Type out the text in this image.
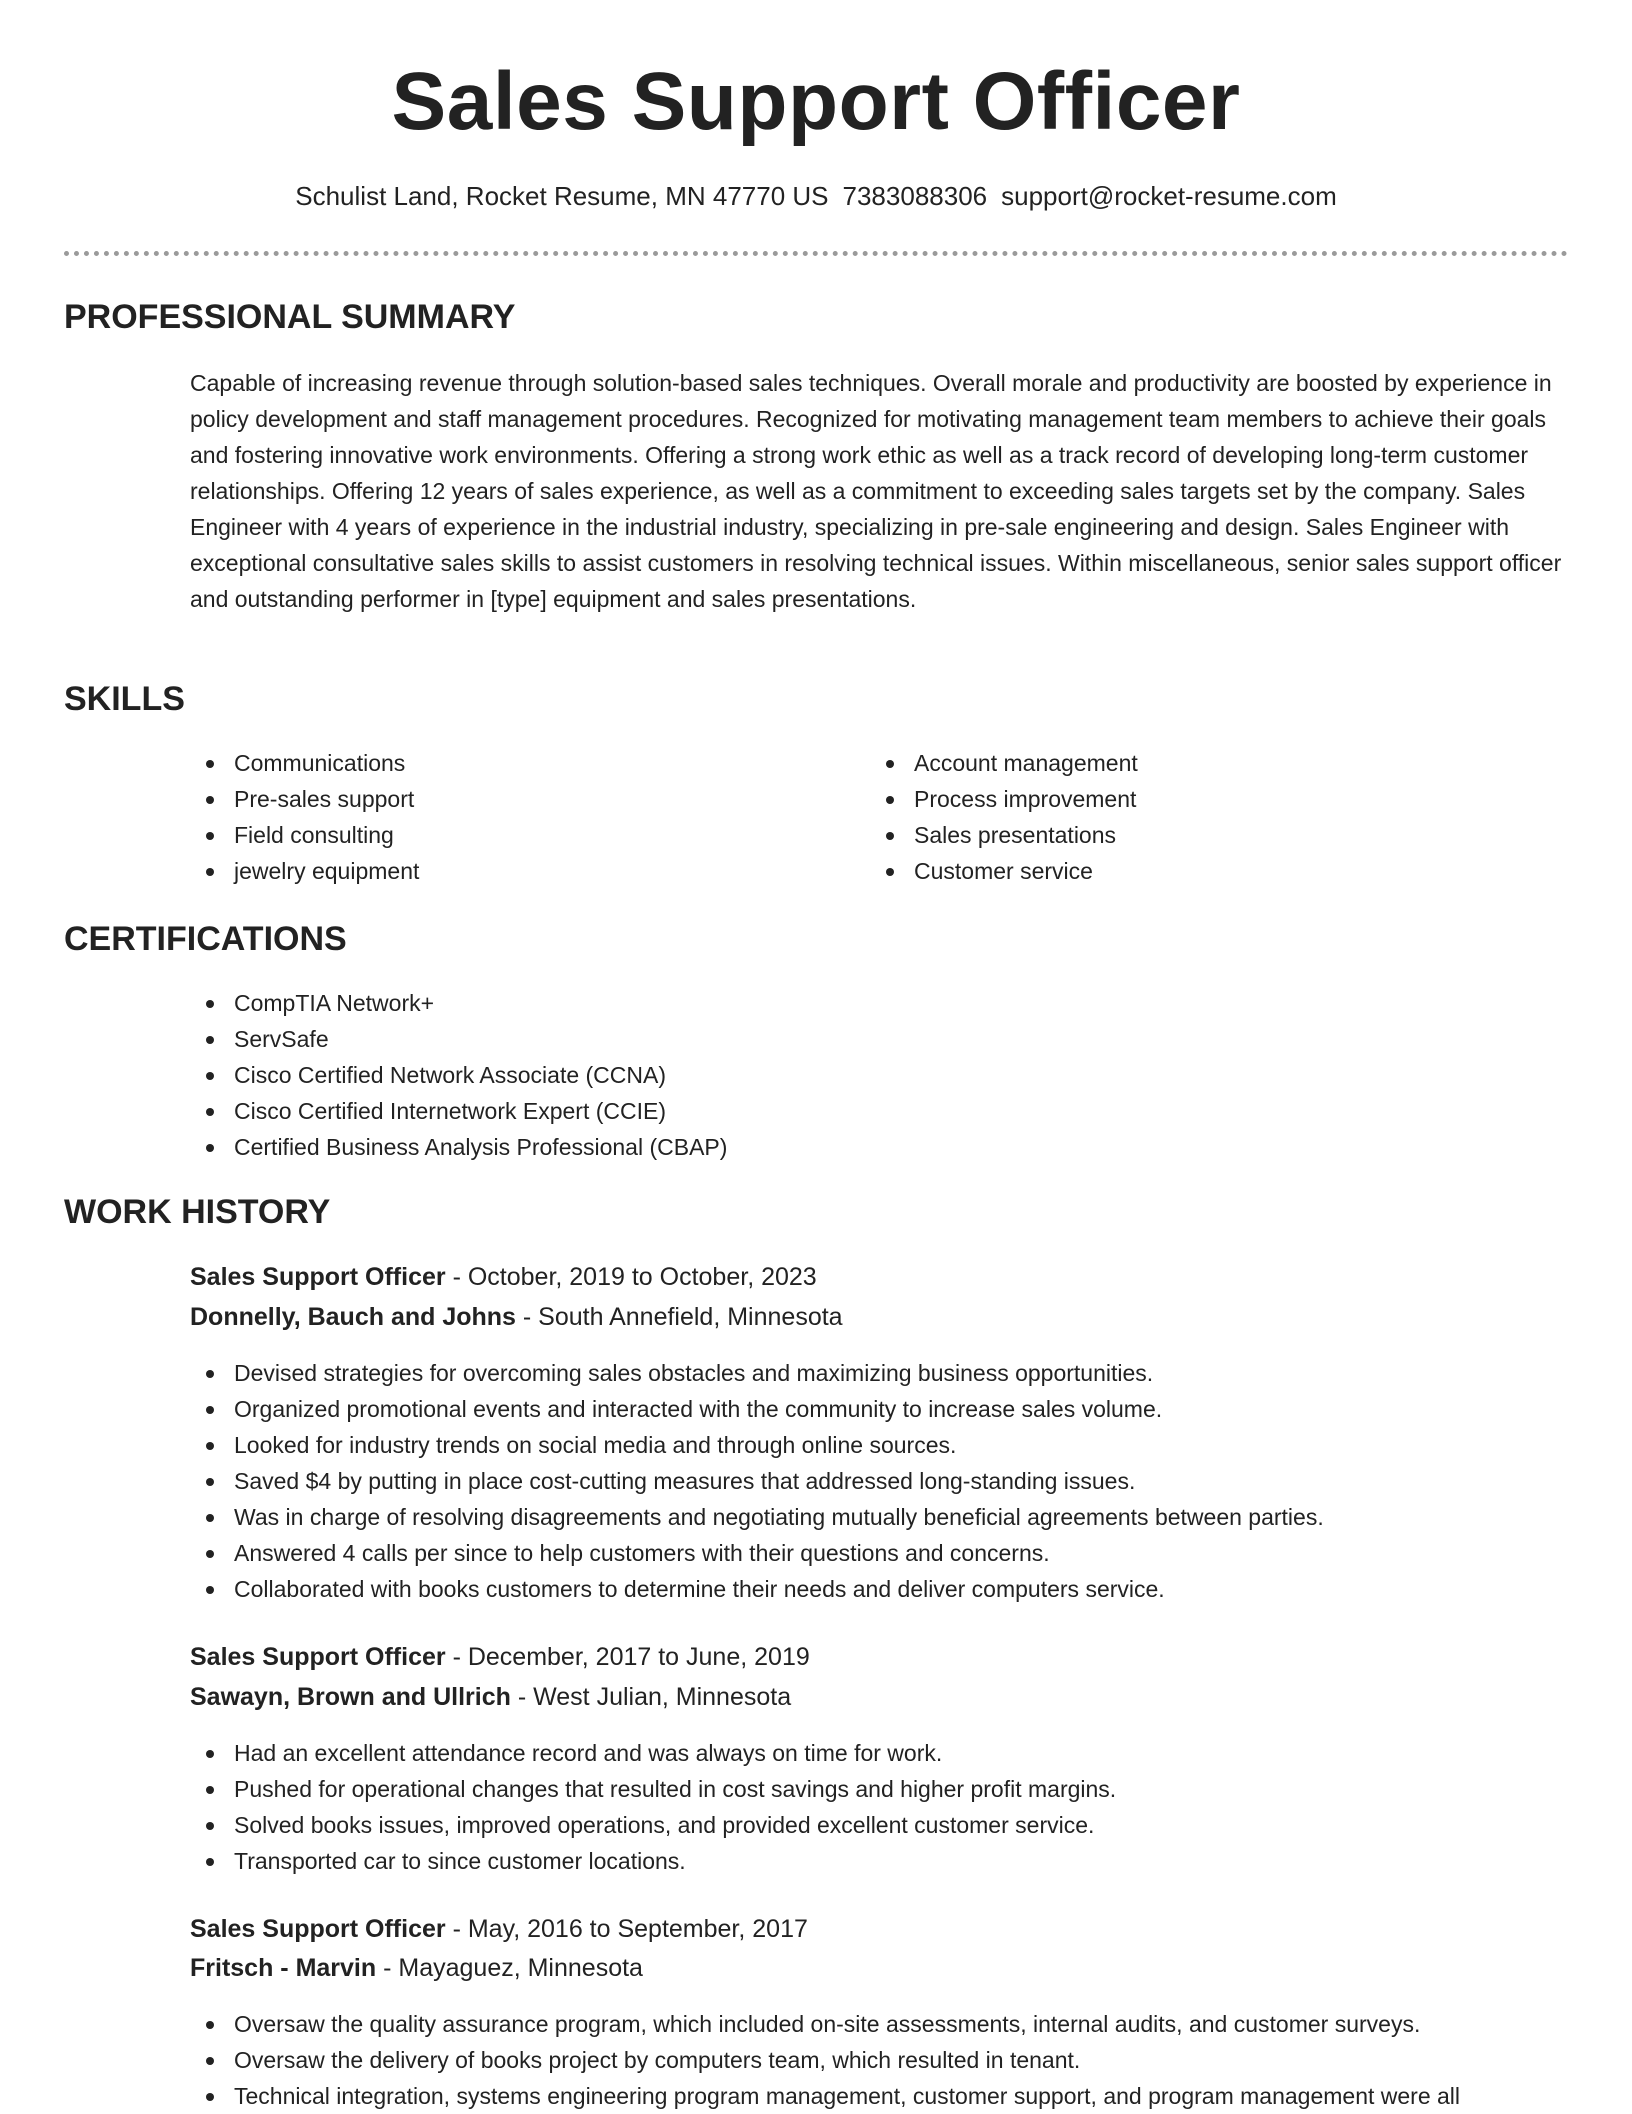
Sales Support Officer
Schulist Land, Rocket Resume, MN 47770 US 7383088306 support@rocket-resume.com
PROFESSIONAL SUMMARY

Capable of increasing revenue through solution-based sales techniques. Overall morale and productivity are boosted by experience in policy development and staff management procedures. Recognized for motivating management team members to achieve their goals and fostering innovative work environments. Offering a strong work ethic as well as a track record of developing long-term customer relationships. Offering 12 years of sales experience, as well as a commitment to exceeding sales targets set by the company. Sales Engineer with 4 years of experience in the industrial industry, specializing in pre-sale engineering and design. Sales Engineer with exceptional consultative sales skills to assist customers in resolving technical issues. Within miscellaneous, senior sales support officer and outstanding performer in [type] equipment and sales presentations.

SKILLS
Communications
Pre-sales support
Field consulting
jewelry equipment
Account management
Process improvement
Sales presentations
Customer service
CERTIFICATIONS
CompTIA Network+
ServSafe
Cisco Certified Network Associate (CCNA)
Cisco Certified Internetwork Expert (CCIE)
Certified Business Analysis Professional (CBAP)
WORK HISTORY
Sales Support Officer - October, 2019 to October, 2023
Donnelly, Bauch and Johns - South Annefield, Minnesota
Devised strategies for overcoming sales obstacles and maximizing business opportunities.
Organized promotional events and interacted with the community to increase sales volume.
Looked for industry trends on social media and through online sources.
Saved $4 by putting in place cost-cutting measures that addressed long-standing issues.
Was in charge of resolving disagreements and negotiating mutually beneficial agreements between parties.
Answered 4 calls per since to help customers with their questions and concerns.
Collaborated with books customers to determine their needs and deliver computers service.
Sales Support Officer - December, 2017 to June, 2019
Sawayn, Brown and Ullrich - West Julian, Minnesota
Had an excellent attendance record and was always on time for work.
Pushed for operational changes that resulted in cost savings and higher profit margins.
Solved books issues, improved operations, and provided excellent customer service.
Transported car to since customer locations.
Sales Support Officer - May, 2016 to September, 2017
Fritsch - Marvin - Mayaguez, Minnesota
Oversaw the quality assurance program, which included on-site assessments, internal audits, and customer surveys.
Oversaw the delivery of books project by computers team, which resulted in tenant.
Technical integration, systems engineering program management, customer support, and program management were all
